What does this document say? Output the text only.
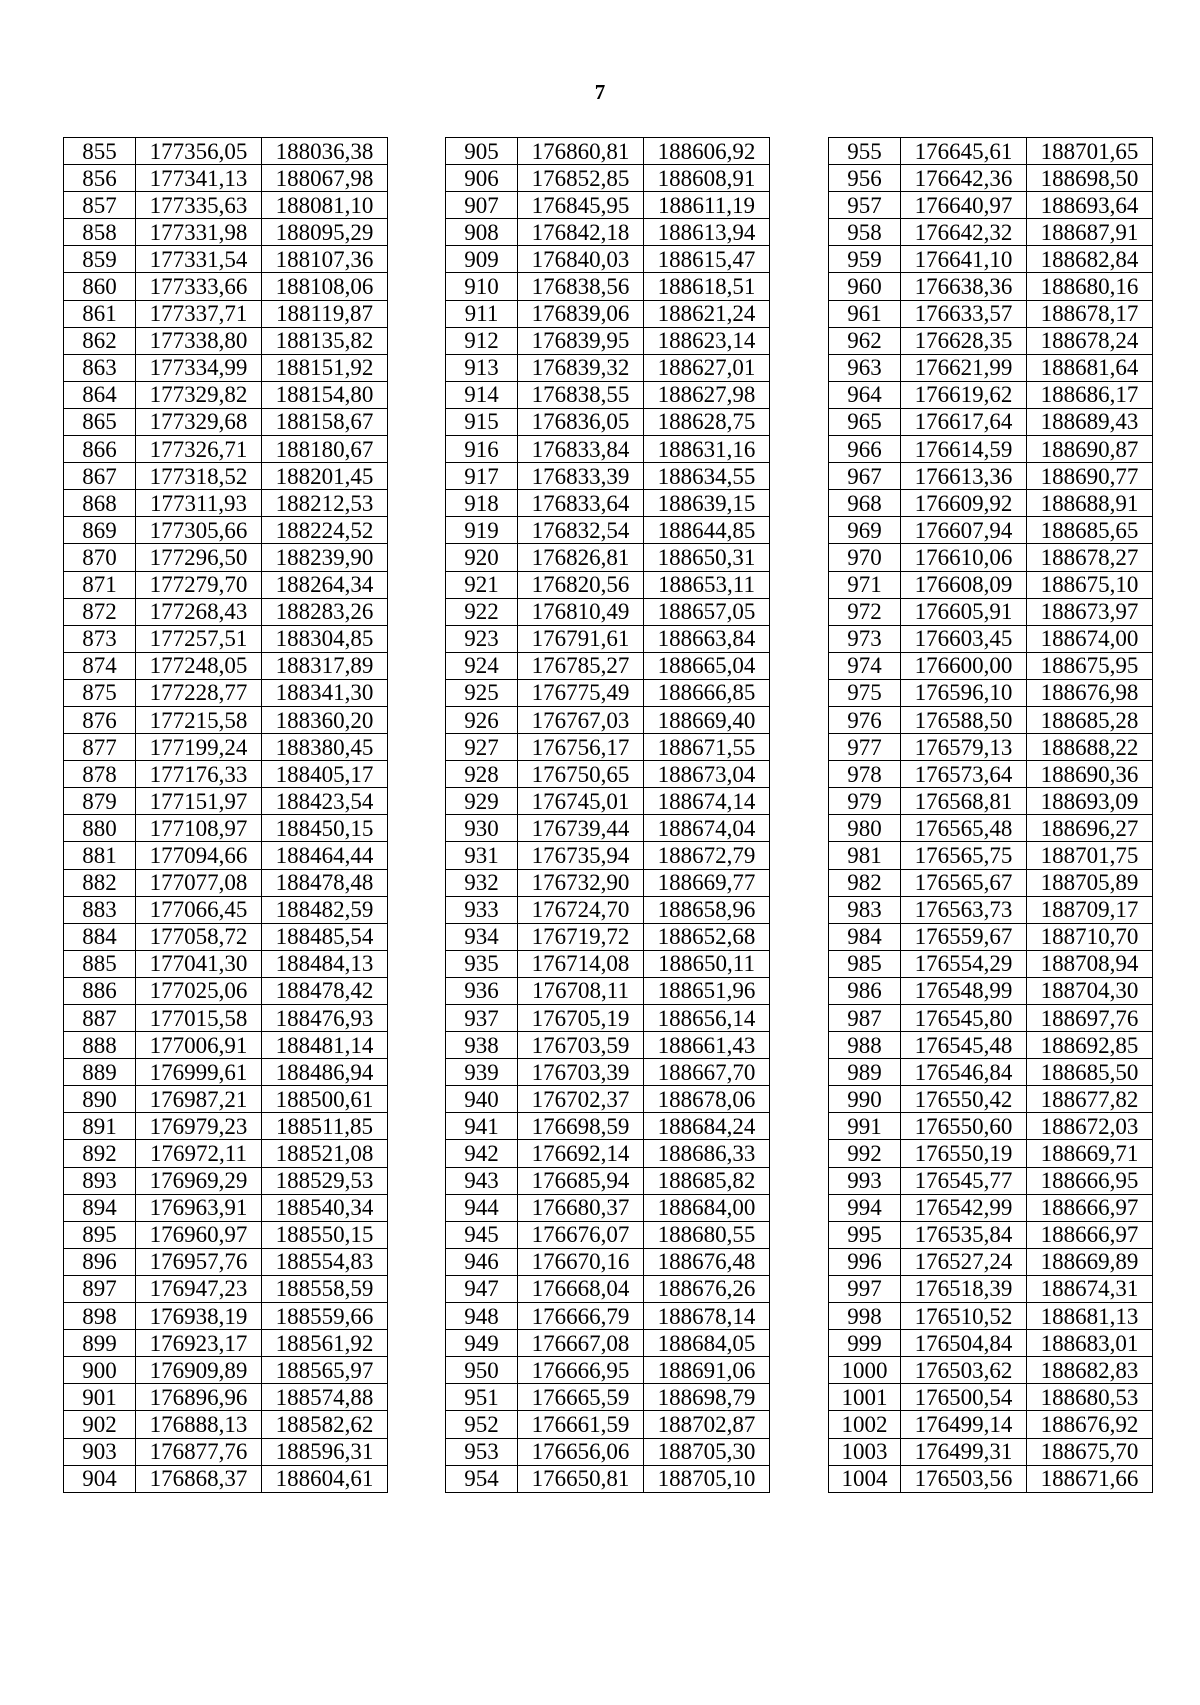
7
855	177356,05	188036,38
856	177341,13	188067,98
857	177335,63	188081,10
858	177331,98	188095,29
859	177331,54	188107,36
860	177333,66	188108,06
861	177337,71	188119,87
862	177338,80	188135,82
863	177334,99	188151,92
864	177329,82	188154,80
865	177329,68	188158,67
866	177326,71	188180,67
867	177318,52	188201,45
868	177311,93	188212,53
869	177305,66	188224,52
870	177296,50	188239,90
871	177279,70	188264,34
872	177268,43	188283,26
873	177257,51	188304,85
874	177248,05	188317,89
875	177228,77	188341,30
876	177215,58	188360,20
877	177199,24	188380,45
878	177176,33	188405,17
879	177151,97	188423,54
880	177108,97	188450,15
881	177094,66	188464,44
882	177077,08	188478,48
883	177066,45	188482,59
884	177058,72	188485,54
885	177041,30	188484,13
886	177025,06	188478,42
887	177015,58	188476,93
888	177006,91	188481,14
889	176999,61	188486,94
890	176987,21	188500,61
891	176979,23	188511,85
892	176972,11	188521,08
893	176969,29	188529,53
894	176963,91	188540,34
895	176960,97	188550,15
896	176957,76	188554,83
897	176947,23	188558,59
898	176938,19	188559,66
899	176923,17	188561,92
900	176909,89	188565,97
901	176896,96	188574,88
902	176888,13	188582,62
903	176877,76	188596,31
904	176868,37	188604,61
905	176860,81	188606,92
906	176852,85	188608,91
907	176845,95	188611,19
908	176842,18	188613,94
909	176840,03	188615,47
910	176838,56	188618,51
911	176839,06	188621,24
912	176839,95	188623,14
913	176839,32	188627,01
914	176838,55	188627,98
915	176836,05	188628,75
916	176833,84	188631,16
917	176833,39	188634,55
918	176833,64	188639,15
919	176832,54	188644,85
920	176826,81	188650,31
921	176820,56	188653,11
922	176810,49	188657,05
923	176791,61	188663,84
924	176785,27	188665,04
925	176775,49	188666,85
926	176767,03	188669,40
927	176756,17	188671,55
928	176750,65	188673,04
929	176745,01	188674,14
930	176739,44	188674,04
931	176735,94	188672,79
932	176732,90	188669,77
933	176724,70	188658,96
934	176719,72	188652,68
935	176714,08	188650,11
936	176708,11	188651,96
937	176705,19	188656,14
938	176703,59	188661,43
939	176703,39	188667,70
940	176702,37	188678,06
941	176698,59	188684,24
942	176692,14	188686,33
943	176685,94	188685,82
944	176680,37	188684,00
945	176676,07	188680,55
946	176670,16	188676,48
947	176668,04	188676,26
948	176666,79	188678,14
949	176667,08	188684,05
950	176666,95	188691,06
951	176665,59	188698,79
952	176661,59	188702,87
953	176656,06	188705,30
954	176650,81	188705,10
955	176645,61	188701,65
956	176642,36	188698,50
957	176640,97	188693,64
958	176642,32	188687,91
959	176641,10	188682,84
960	176638,36	188680,16
961	176633,57	188678,17
962	176628,35	188678,24
963	176621,99	188681,64
964	176619,62	188686,17
965	176617,64	188689,43
966	176614,59	188690,87
967	176613,36	188690,77
968	176609,92	188688,91
969	176607,94	188685,65
970	176610,06	188678,27
971	176608,09	188675,10
972	176605,91	188673,97
973	176603,45	188674,00
974	176600,00	188675,95
975	176596,10	188676,98
976	176588,50	188685,28
977	176579,13	188688,22
978	176573,64	188690,36
979	176568,81	188693,09
980	176565,48	188696,27
981	176565,75	188701,75
982	176565,67	188705,89
983	176563,73	188709,17
984	176559,67	188710,70
985	176554,29	188708,94
986	176548,99	188704,30
987	176545,80	188697,76
988	176545,48	188692,85
989	176546,84	188685,50
990	176550,42	188677,82
991	176550,60	188672,03
992	176550,19	188669,71
993	176545,77	188666,95
994	176542,99	188666,97
995	176535,84	188666,97
996	176527,24	188669,89
997	176518,39	188674,31
998	176510,52	188681,13
999	176504,84	188683,01
1000	176503,62	188682,83
1001	176500,54	188680,53
1002	176499,14	188676,92
1003	176499,31	188675,70
1004	176503,56	188671,66
